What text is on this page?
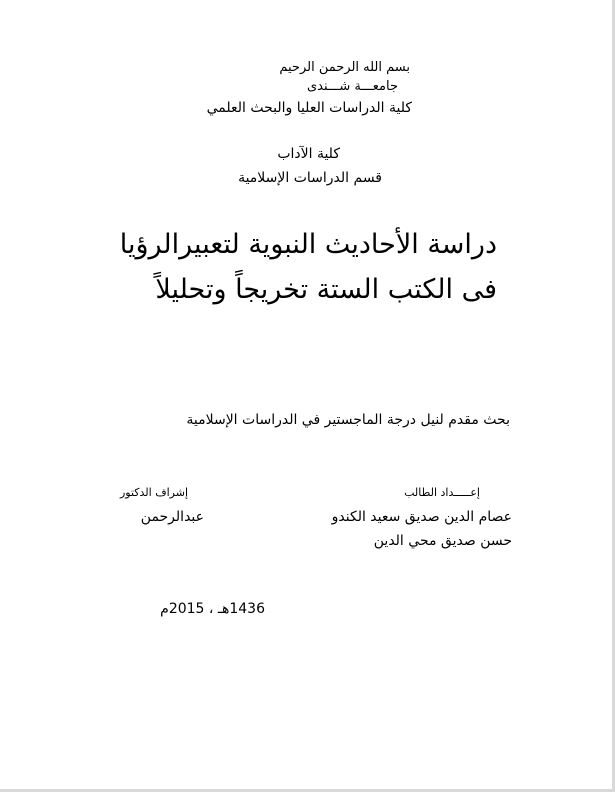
بسم الله الرحمن الرحيم
جامعـــة شـــندى
كلية الدراسات العليا والبحث العلمي
كلية الآداب
قسم الدراسات الإسلامية
دراسة الأحاديث النبوية لتعبيرالرؤيا فى الكتب الستة تخريجاً وتحليلاً
بحث مقدم لنيل درجة الماجستير في الدراسات الإسلامية
إعـــــداد الطالب
عصام الدين صديق سعيد الكندو
حسن صديق محي الدين
إشراف الدكتور
عبدالرحمن
1436هـ ، 2015م
